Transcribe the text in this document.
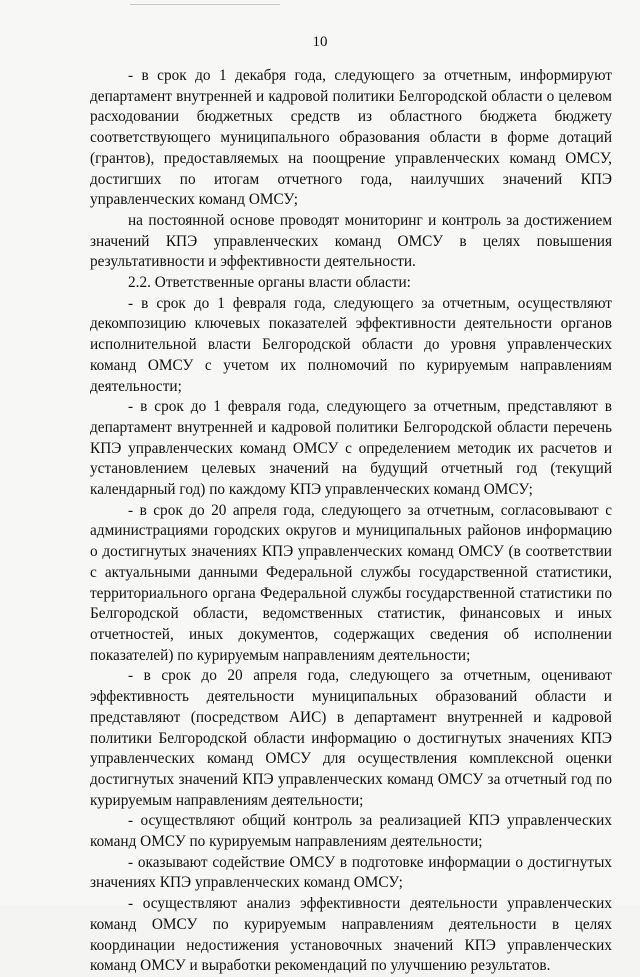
10

- в срок до 1 декабря года, следующего за отчетным, информируют департамент внутренней и кадровой политики Белгородской области о целевом расходовании бюджетных средств из областного бюджета бюджету соответствующего муниципального образования области в форме дотаций (грантов), предоставляемых на поощрение управленческих команд ОМСУ, достигших по итогам отчетного года, наилучших значений КПЭ управленческих команд ОМСУ;

на постоянной основе проводят мониторинг и контроль за достижением значений КПЭ управленческих команд ОМСУ в целях повышения результативности и эффективности деятельности.

2.2. Ответственные органы власти области:

- в срок до 1 февраля года, следующего за отчетным, осуществляют декомпозицию ключевых показателей эффективности деятельности органов исполнительной власти Белгородской области до уровня управленческих команд ОМСУ с учетом их полномочий по курируемым направлениям деятельности;

- в срок до 1 февраля года, следующего за отчетным, представляют в департамент внутренней и кадровой политики Белгородской области перечень КПЭ управленческих команд ОМСУ с определением методик их расчетов и установлением целевых значений на будущий отчетный год (текущий календарный год) по каждому КПЭ управленческих команд ОМСУ;

- в срок до 20 апреля года, следующего за отчетным, согласовывают с администрациями городских округов и муниципальных районов информацию о достигнутых значениях КПЭ управленческих команд ОМСУ (в соответствии с актуальными данными Федеральной службы государственной статистики, территориального органа Федеральной службы государственной статистики по Белгородской области, ведомственных статистик, финансовых и иных отчетностей, иных документов, содержащих сведения об исполнении показателей) по курируемым направлениям деятельности;

- в срок до 20 апреля года, следующего за отчетным, оценивают эффективность деятельности муниципальных образований области и представляют (посредством АИС) в департамент внутренней и кадровой политики Белгородской области информацию о достигнутых значениях КПЭ управленческих команд ОМСУ для осуществления комплексной оценки достигнутых значений КПЭ управленческих команд ОМСУ за отчетный год по курируемым направлениям деятельности;

- осуществляют общий контроль за реализацией КПЭ управленческих команд ОМСУ по курируемым направлениям деятельности;

- оказывают содействие ОМСУ в подготовке информации о достигнутых значениях КПЭ управленческих команд ОМСУ;

- осуществляют анализ эффективности деятельности управленческих команд ОМСУ по курируемым направлениям деятельности в целях координации недостижения установочных значений КПЭ управленческих команд ОМСУ и выработки рекомендаций по улучшению результатов.
